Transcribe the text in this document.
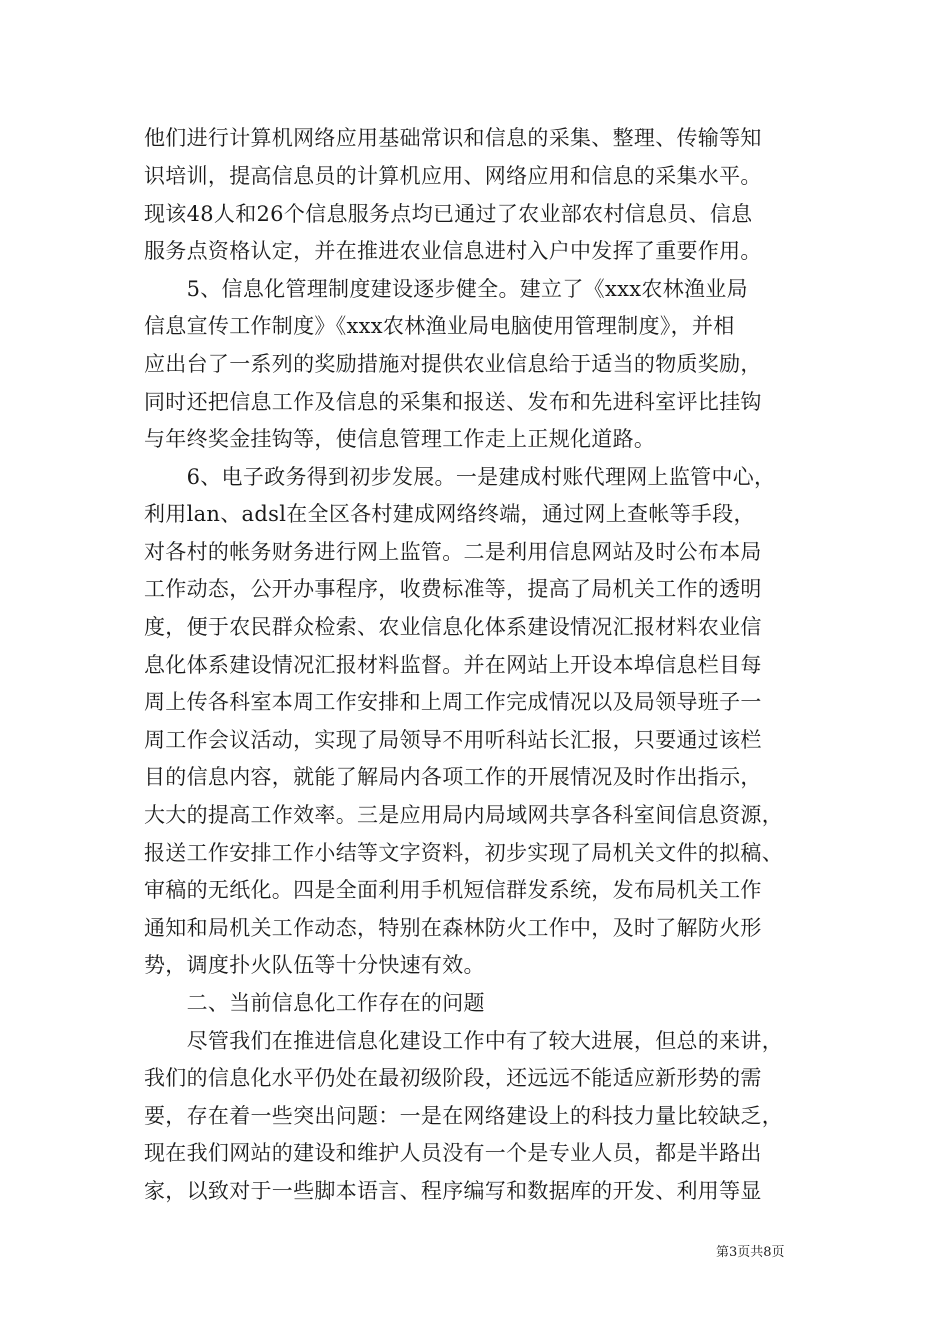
他们进行计算机网络应用基础常识和信息的采集、整理、传输等知
识培训，提高信息员的计算机应用、网络应用和信息的采集水平。
现该48人和26个信息服务点均已通过了农业部农村信息员、信息
服务点资格认定，并在推进农业信息进村入户中发挥了重要作用。
　　5、信息化管理制度建设逐步健全。建立了《xxx农林渔业局
信息宣传工作制度》《xxx农林渔业局电脑使用管理制度》，并相
应出台了一系列的奖励措施对提供农业信息给于适当的物质奖励，
同时还把信息工作及信息的采集和报送、发布和先进科室评比挂钩
与年终奖金挂钩等，使信息管理工作走上正规化道路。
　　6、电子政务得到初步发展。一是建成村账代理网上监管中心，
利用lan、adsl在全区各村建成网络终端，通过网上查帐等手段，
对各村的帐务财务进行网上监管。二是利用信息网站及时公布本局
工作动态，公开办事程序，收费标准等，提高了局机关工作的透明
度，便于农民群众检索、农业信息化体系建设情况汇报材料农业信
息化体系建设情况汇报材料监督。并在网站上开设本埠信息栏目每
周上传各科室本周工作安排和上周工作完成情况以及局领导班子一
周工作会议活动，实现了局领导不用听科站长汇报，只要通过该栏
目的信息内容，就能了解局内各项工作的开展情况及时作出指示，
大大的提高工作效率。三是应用局内局域网共享各科室间信息资源，
报送工作安排工作小结等文字资料，初步实现了局机关文件的拟稿、
审稿的无纸化。四是全面利用手机短信群发系统，发布局机关工作
通知和局机关工作动态，特别在森林防火工作中，及时了解防火形
势，调度扑火队伍等十分快速有效。
　　二、当前信息化工作存在的问题
　　尽管我们在推进信息化建设工作中有了较大进展，但总的来讲，
我们的信息化水平仍处在最初级阶段，还远远不能适应新形势的需
要，存在着一些突出问题：一是在网络建设上的科技力量比较缺乏，
现在我们网站的建设和维护人员没有一个是专业人员，都是半路出
家，以致对于一些脚本语言、程序编写和数据库的开发、利用等显
第3页共8页
